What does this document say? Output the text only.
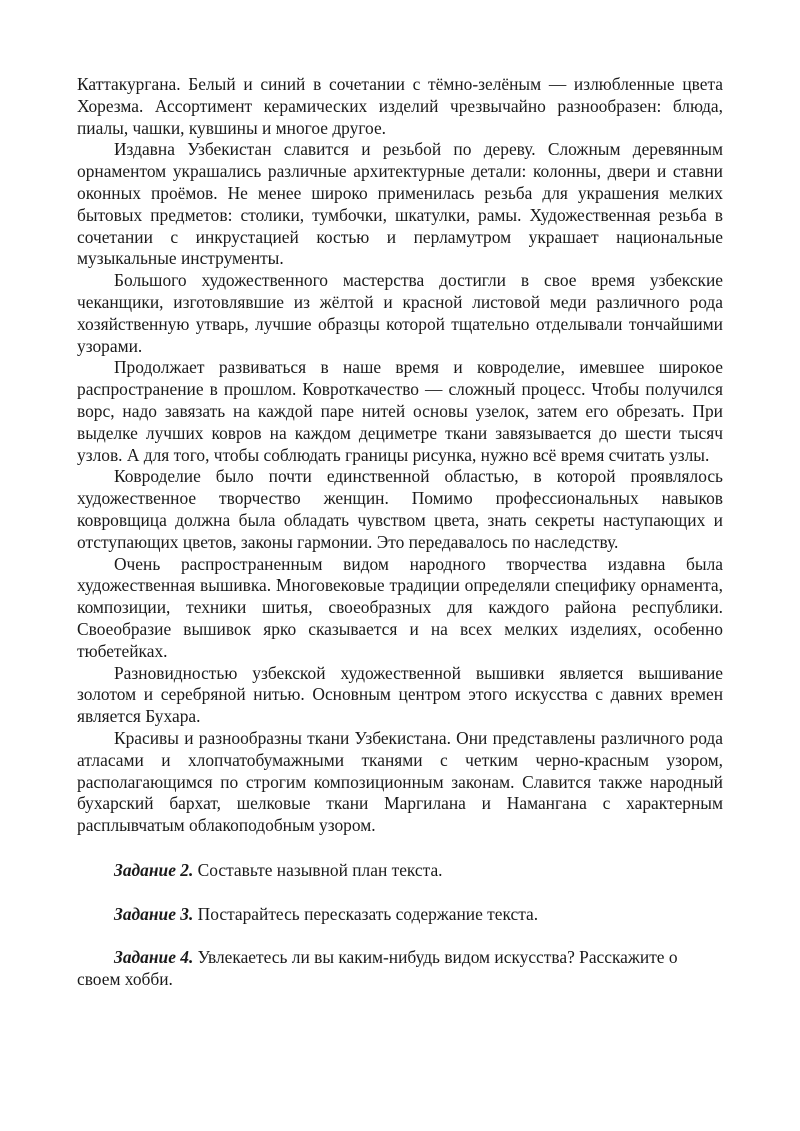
Каттакургана. Белый и синий в сочетании с тёмно-зелёным — излюбленные цвета Хорезма. Ассортимент керамических изделий чрезвычайно разнообразен: блюда, пиалы, чашки, кувшины и многое другое.

Издавна Узбекистан славится и резьбой по дереву. Сложным деревянным орнаментом украшались различные архитектурные детали: колонны, двери и ставни оконных проёмов. Не менее широко применилась резьба для украшения мелких бытовых предметов: столики, тумбочки, шкатулки, рамы. Художественная резьба в сочетании с инкрустацией костью и перламутром украшает национальные музыкальные инструменты.

Большого художественного мастерства достигли в свое время узбекские чеканщики, изготовлявшие из жёлтой и красной листовой меди различного рода хозяйственную утварь, лучшие образцы которой тщательно отделывали тончайшими узорами.

Продолжает развиваться в наше время и ковроделие, имевшее широкое распространение в прошлом. Ковроткачество — сложный процесс. Чтобы получился ворс, надо завязать на каждой паре нитей основы узелок, затем его обрезать. При выделке лучших ковров на каждом дециметре ткани завязывается до шести тысяч узлов. А для того, чтобы соблюдать границы рисунка, нужно всё время считать узлы.

Ковроделие было почти единственной областью, в которой проявлялось художественное творчество женщин. Помимо профессиональных навыков ковровщица должна была обладать чувством цвета, знать секреты наступающих и отступающих цветов, законы гармонии. Это передавалось по наследству.

Очень распространенным видом народного творчества издавна была художественная вышивка. Многовековые традиции определяли специфику орнамента, композиции, техники шитья, своеобразных для каждого района республики. Своеобразие вышивок ярко сказывается и на всех мелких изделиях, особенно тюбетейках.

Разновидностью узбекской художественной вышивки является вышивание золотом и серебряной нитью. Основным центром этого искусства с давних времен является Бухара.

Красивы и разнообразны ткани Узбекистана. Они представлены различного рода атласами и хлопчатобумажными тканями с четким черно-красным узором, располагающимся по строгим композиционным законам. Славится также народный бухарский бархат, шелковые ткани Маргилана и Намангана с характерным расплывчатым облакоподобным узором.

Задание 2. Составьте назывной план текста.

Задание 3. Постарайтесь пересказать содержание текста.

Задание 4. Увлекаетесь ли вы каким-нибудь видом искусства? Расскажите о своем хобби.
